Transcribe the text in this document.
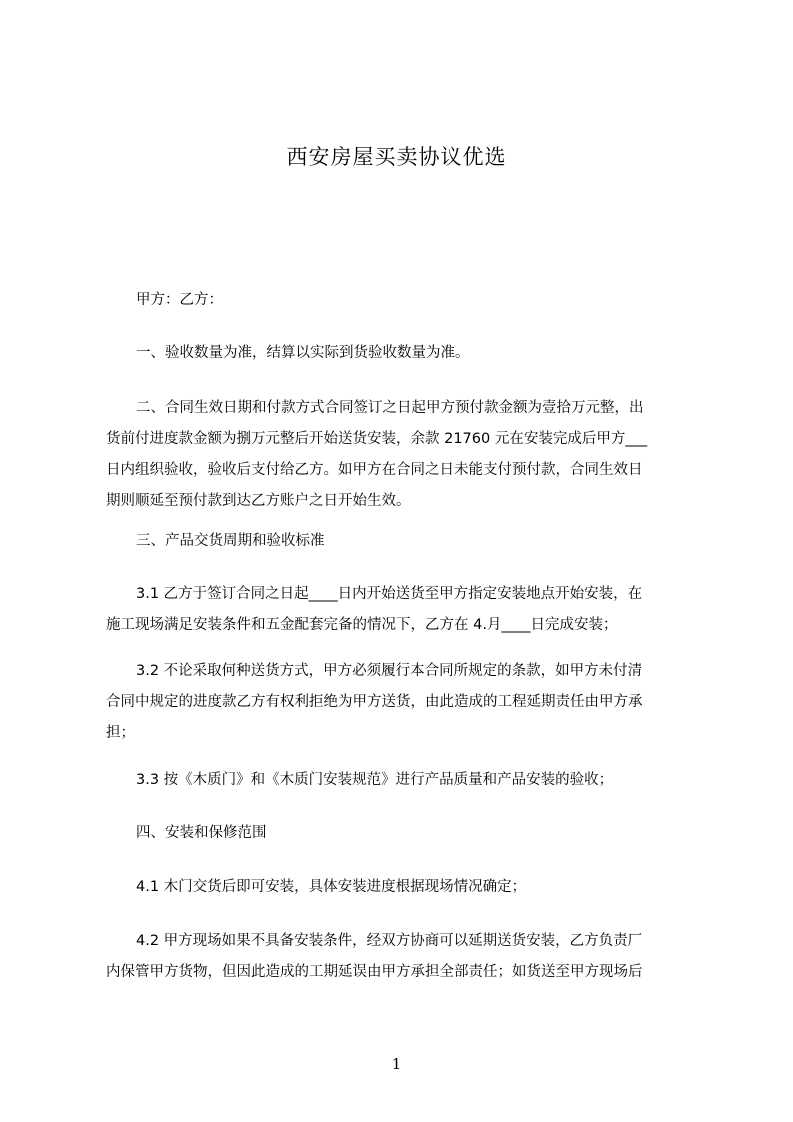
西安房屋买卖协议优选
甲方：乙方：
一、验收数量为准，结算以实际到货验收数量为准。
二、合同生效日期和付款方式合同签订之日起甲方预付款金额为壹拾万元整，出
货前付进度款金额为捌万元整后开始送货安装，余款 21760 元在安装完成后甲方___
日内组织验收，验收后支付给乙方。如甲方在合同之日未能支付预付款，合同生效日
期则顺延至预付款到达乙方账户之日开始生效。
三、产品交货周期和验收标准
3.1 乙方于签订合同之日起____日内开始送货至甲方指定安装地点开始安装，在
施工现场满足安装条件和五金配套完备的情况下，乙方在 4.月____日完成安装；
3.2 不论采取何种送货方式，甲方必须履行本合同所规定的条款，如甲方未付清
合同中规定的进度款乙方有权利拒绝为甲方送货，由此造成的工程延期责任由甲方承
担；
3.3 按《木质门》和《木质门安装规范》进行产品质量和产品安装的验收；
四、安装和保修范围
4.1 木门交货后即可安装，具体安装进度根据现场情况确定；
4.2 甲方现场如果不具备安装条件，经双方协商可以延期送货安装，乙方负责厂
内保管甲方货物，但因此造成的工期延误由甲方承担全部责任；如货送至甲方现场后
1
